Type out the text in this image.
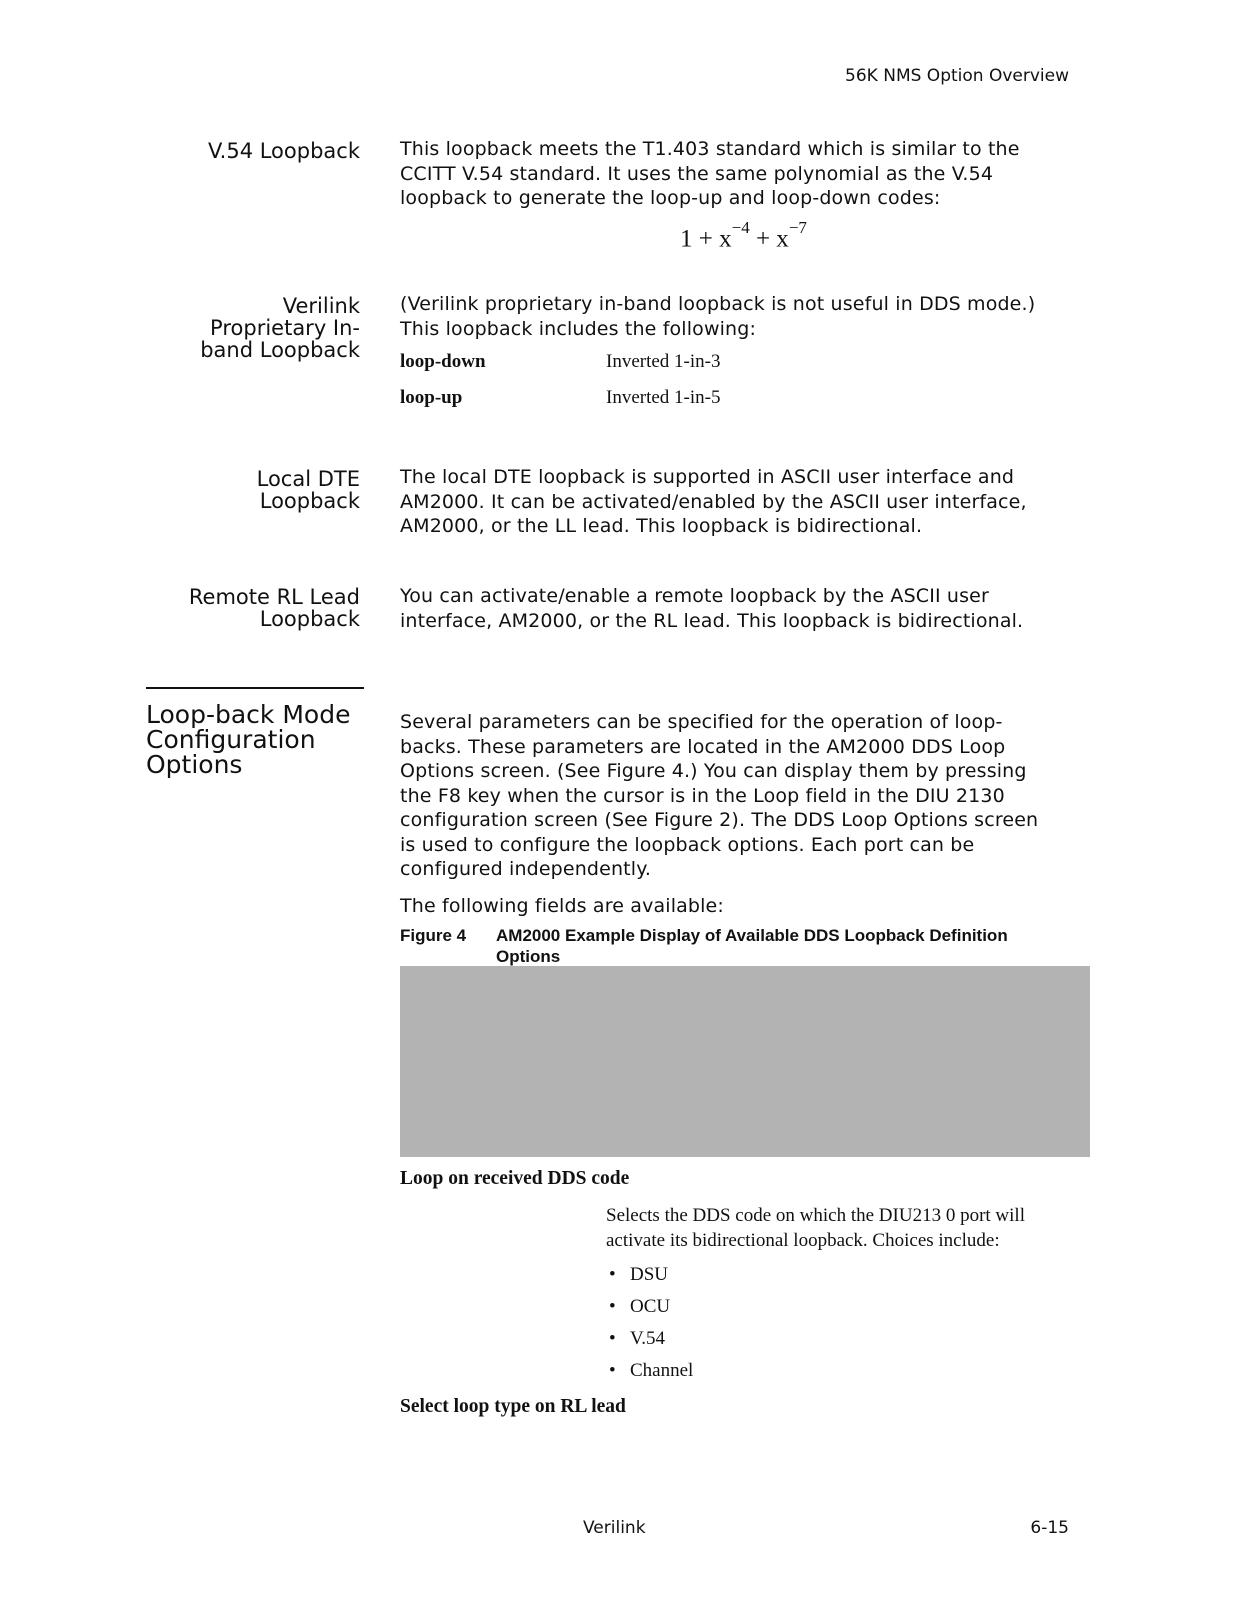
56K NMS Option Overview
V.54 Loopback This loopback meets the T1.403 standard which is similar to the
CCITT V.54 standard. It uses the same polynomial as the V.54
loopback to generate the loop-up and loop-down codes:
$1 + x^{-4} + x^{-7}$
Verilink
Proprietary In-
band Loopback
(Verilink proprietary in-band loopback is not useful in DDS mode.)
This loopback includes the following:
loop-down	Inverted 1-in-3
loop-up	Inverted 1-in-5
Local DTE
Loopback
The local DTE loopback is supported in ASCII user interface and
AM2000. It can be activated/enabled by the ASCII user interface,
AM2000, or the LL lead. This loopback is bidirectional.
Remote RL Lead
Loopback
You can activate/enable a remote loopback by the ASCII user
interface, AM2000, or the RL lead. This loopback is bidirectional.
Loop-back Mode
Configuration
Options
Several parameters can be specified for the operation of loop-
backs. These parameters are located in the AM2000 DDS Loop
Options screen. (See Figure 4.) You can display them by pressing
the F8 key when the cursor is in the Loop field in the DIU 2130
configuration screen (See Figure 2). The DDS Loop Options screen
is used to configure the loopback options. Each port can be
configured independently.
The following fields are available:
Figure 4 AM2000 Example Display of Available DDS Loopback Definition
Options
Loop on received DDS code
Selects the DDS code on which the DIU213 0 port will
activate its bidirectional loopback. Choices include:
• DSU
• OCU
• V.54
• Channel
Select loop type on RL lead
Verilink	6-15
